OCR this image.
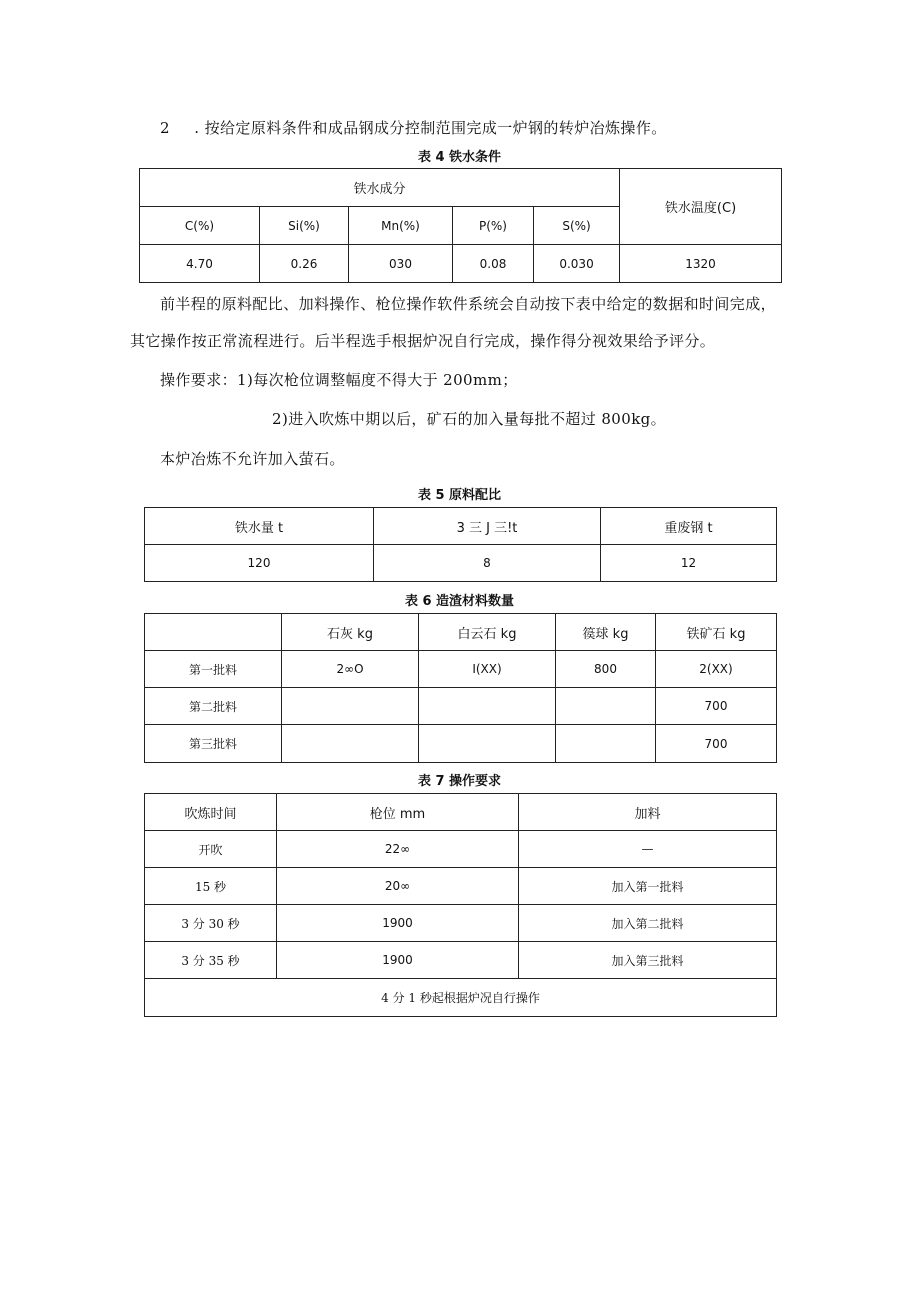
2 . 按给定原料条件和成品钢成分控制范围完成一炉钢的转炉冶炼操作。
表 4 铁水条件
铁水成分					铁水温度(C)
C(%)	Si(%)	Mn(%)	P(%)	S(%)	
4.70	0.26	030	0.08	0.030	1320
前半程的原料配比、加料操作、枪位操作软件系统会自动按下表中给定的数据和时间完成，
其它操作按正常流程进行。后半程选手根据炉况自行完成，操作得分视效果给予评分。
操作要求：1)每次枪位调整幅度不得大于 200mm；
2)进入吹炼中期以后，矿石的加入量每批不超过 800kg。
本炉冶炼不允许加入萤石。
表 5 原料配比
铁水量 t	3 三 J 三!t	重废钢 t
120	8	12
表 6 造渣材料数量
	石灰 kg	白云石 kg	篌球 kg	铁矿石 kg
第一批料	2∞O	I(XX)	800	2(XX)
第二批料				700
第三批料				700
表 7 操作要求
吹炼时间	枪位 mm	加料
开吹	22∞	—
15 秒	20∞	加入第一批料
3 分 30 秒	1900	加入第二批料
3 分 35 秒	1900	加入第三批料
4 分 1 秒起根据炉况自行操作		
